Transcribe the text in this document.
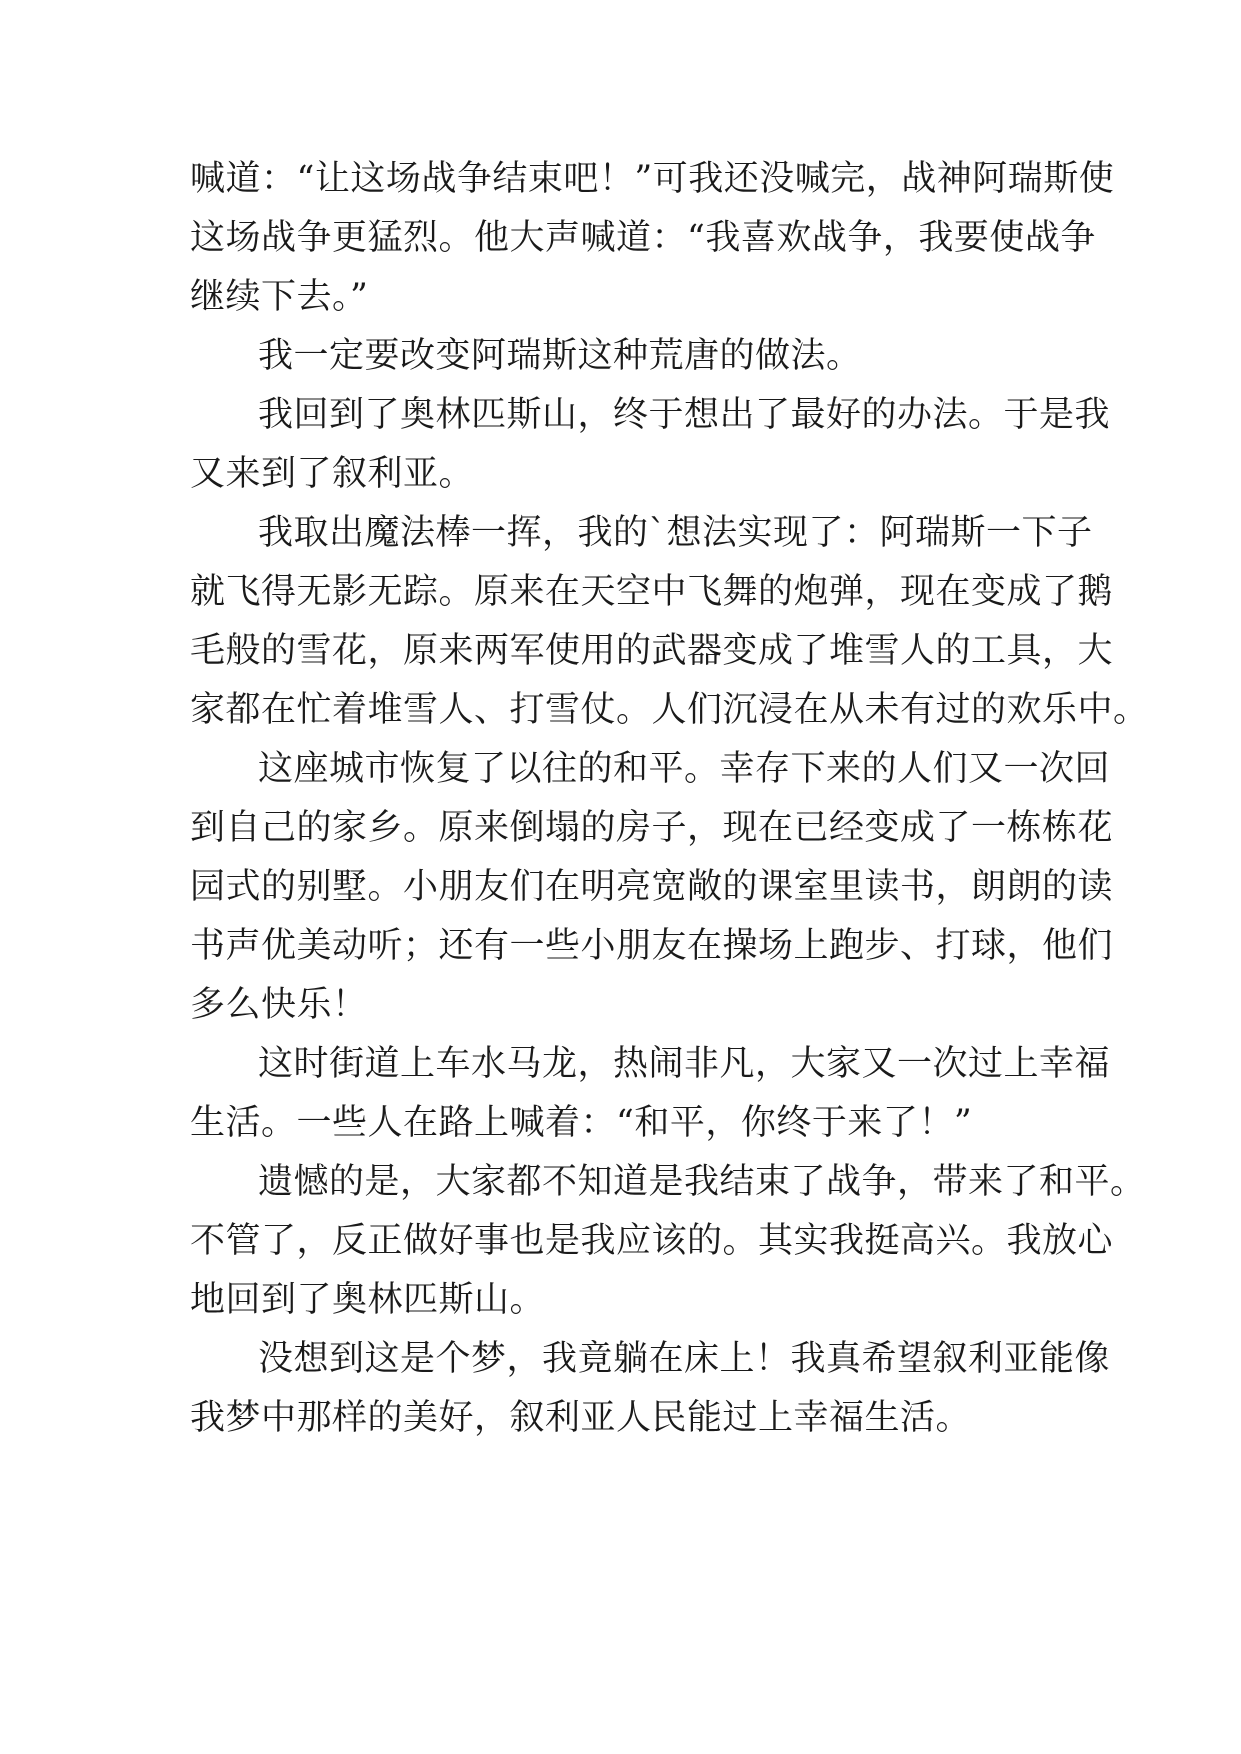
喊道：“让这场战争结束吧！”可我还没喊完，战神阿瑞斯使
这场战争更猛烈。他大声喊道：“我喜欢战争，我要使战争
继续下去。”
我一定要改变阿瑞斯这种荒唐的做法。
我回到了奥林匹斯山，终于想出了最好的办法。于是我
又来到了叙利亚。
我取出魔法棒一挥，我的`想法实现了：阿瑞斯一下子
就飞得无影无踪。原来在天空中飞舞的炮弹，现在变成了鹅
毛般的雪花，原来两军使用的武器变成了堆雪人的工具，大
家都在忙着堆雪人、打雪仗。人们沉浸在从未有过的欢乐中。
这座城市恢复了以往的和平。幸存下来的人们又一次回
到自己的家乡。原来倒塌的房子，现在已经变成了一栋栋花
园式的别墅。小朋友们在明亮宽敞的课室里读书，朗朗的读
书声优美动听；还有一些小朋友在操场上跑步、打球，他们
多么快乐！
这时街道上车水马龙，热闹非凡，大家又一次过上幸福
生活。一些人在路上喊着：“和平，你终于来了！”
遗憾的是，大家都不知道是我结束了战争，带来了和平。
不管了，反正做好事也是我应该的。其实我挺高兴。我放心
地回到了奥林匹斯山。
没想到这是个梦，我竟躺在床上！我真希望叙利亚能像
我梦中那样的美好，叙利亚人民能过上幸福生活。
